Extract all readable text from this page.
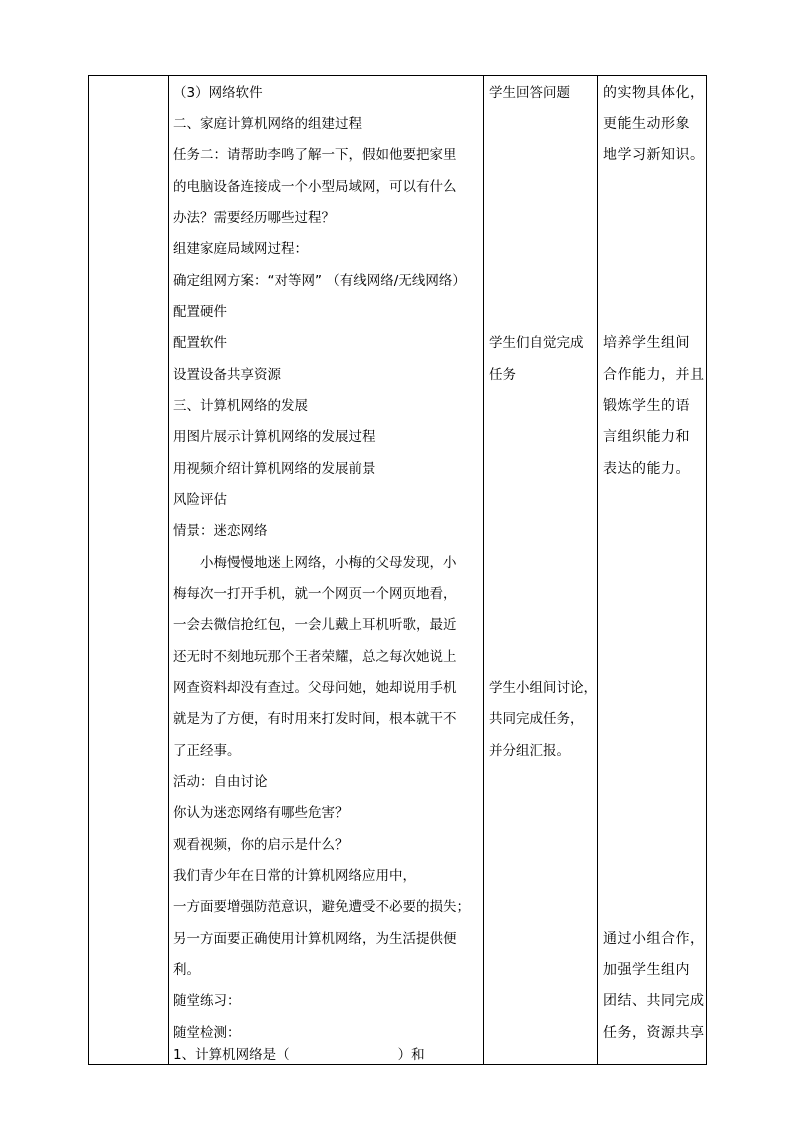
（3）网络软件
二、家庭计算机网络的组建过程
任务二：请帮助李鸣了解一下，假如他要把家里
的电脑设备连接成一个小型局域网，可以有什么
办法？需要经历哪些过程？
组建家庭局域网过程：
确定组网方案：“对等网” （有线网络/无线网络）
配置硬件
配置软件
设置设备共享资源
三、计算机网络的发展
用图片展示计算机网络的发展过程
用视频介绍计算机网络的发展前景
风险评估
情景：迷恋网络
　　小梅慢慢地迷上网络，小梅的父母发现，小
梅每次一打开手机，就一个网页一个网页地看，
一会去微信抢红包，一会儿戴上耳机听歌，最近
还无时不刻地玩那个王者荣耀，总之每次她说上
网查资料却没有查过。父母问她，她却说用手机
就是为了方便，有时用来打发时间，根本就干不
了正经事。
活动：自由讨论
你认为迷恋网络有哪些危害？
观看视频，你的启示是什么？
我们青少年在日常的计算机网络应用中，
一方面要增强防范意识，避免遭受不必要的损失；
另一方面要正确使用计算机网络，为生活提供便
利。
随堂练习：
随堂检测：
1、计算机网络是（　　　　　　　　）和
学生回答问题
学生们自觉完成
任务
学生小组间讨论，
共同完成任务，
并分组汇报。
的实物具体化，
更能生动形象
地学习新知识。
培养学生组间
合作能力，并且
锻炼学生的语
言组织能力和
表达的能力。
通过小组合作，
加强学生组内
团结、共同完成
任务，资源共享
